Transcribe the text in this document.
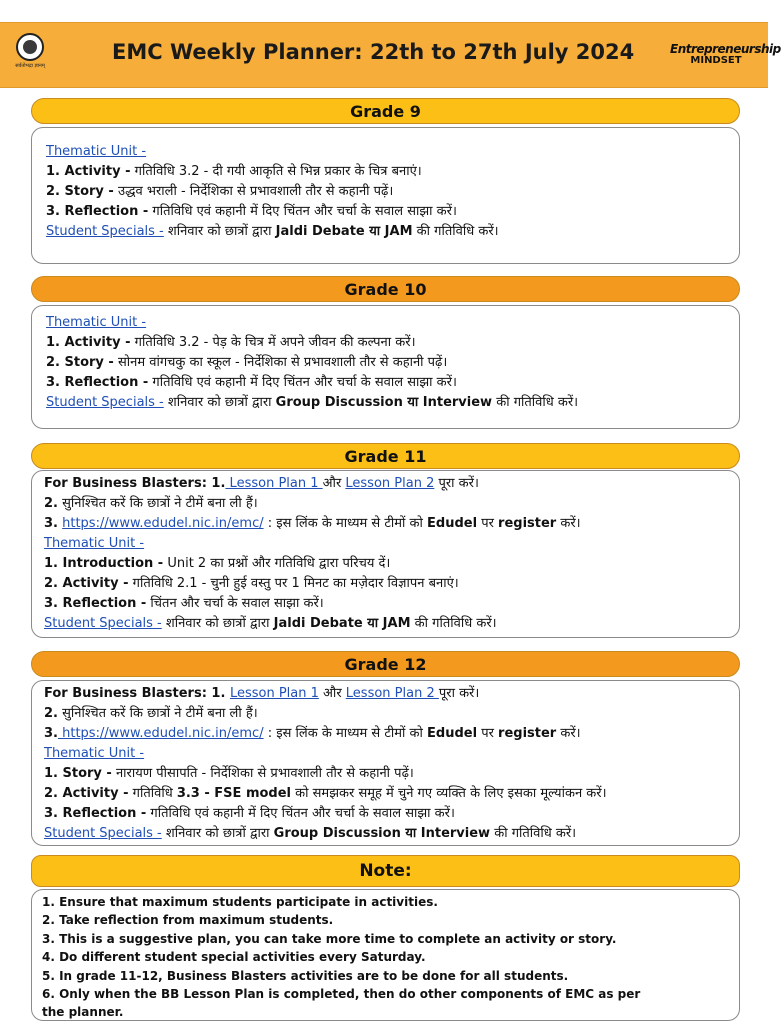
सर्वतोभद्रा ज्ञानम्
EMC Weekly Planner: 22th to 27th July 2024	Entrepreneurship
MINDSET
Grade 9
Thematic Unit -
1. Activity - गतिविधि 3.2 - दी गयी आकृति से भिन्न प्रकार के चित्र बनाएं।
2. Story - उद्धव भराली - निर्देशिका से प्रभावशाली तौर से कहानी पढ़ें।
3. Reflection - गतिविधि एवं कहानी में दिए चिंतन और चर्चा के सवाल साझा करें।
Student Specials - शनिवार को छात्रों द्वारा Jaldi Debate या JAM की गतिविधि करें।
Grade 10
Thematic Unit -
1. Activity - गतिविधि 3.2 - पेड़ के चित्र में अपने जीवन की कल्पना करें।
2. Story - सोनम वांगचकु का स्कूल - निर्देशिका से प्रभावशाली तौर से कहानी पढ़ें।
3. Reflection - गतिविधि एवं कहानी में दिए चिंतन और चर्चा के सवाल साझा करें।
Student Specials - शनिवार को छात्रों द्वारा Group Discussion या Interview की गतिविधि करें।
Grade 11
For Business Blasters: 1. Lesson Plan 1 और Lesson Plan 2 पूरा करें।
2. सुनिश्चित करें कि छात्रों ने टीमें बना ली हैं।
3. https://www.edudel.nic.in/emc/ : इस लिंक के माध्यम से टीमों को Edudel पर register करें।
Thematic Unit -
1. Introduction - Unit 2 का प्रश्नों और गतिविधि द्वारा परिचय दें।
2. Activity - गतिविधि 2.1 - चुनी हुई वस्तु पर 1 मिनट का मज़ेदार विज्ञापन बनाएं।
3. Reflection - चिंतन और चर्चा के सवाल साझा करें।
Student Specials - शनिवार को छात्रों द्वारा Jaldi Debate या JAM की गतिविधि करें।
Grade 12
For Business Blasters: 1. Lesson Plan 1 और Lesson Plan 2 पूरा करें।
2. सुनिश्चित करें कि छात्रों ने टीमें बना ली हैं।
3. https://www.edudel.nic.in/emc/ : इस लिंक के माध्यम से टीमों को Edudel पर register करें।
Thematic Unit -
1. Story - नारायण पीसापति - निर्देशिका से प्रभावशाली तौर से कहानी पढ़ें।
2. Activity - गतिविधि 3.3 - FSE model को समझकर समूह में चुने गए व्यक्ति के लिए इसका मूल्यांकन करें।
3. Reflection - गतिविधि एवं कहानी में दिए चिंतन और चर्चा के सवाल साझा करें।
Student Specials - शनिवार को छात्रों द्वारा Group Discussion या Interview की गतिविधि करें।
Note:
1. Ensure that maximum students participate in activities.
2. Take reflection from maximum students.
3. This is a suggestive plan, you can take more time to complete an activity or story.
4. Do different student special activities every Saturday.
5. In grade 11-12, Business Blasters activities are to be done for all students.
6. Only when the BB Lesson Plan is completed, then do other components of EMC as per
the planner.
